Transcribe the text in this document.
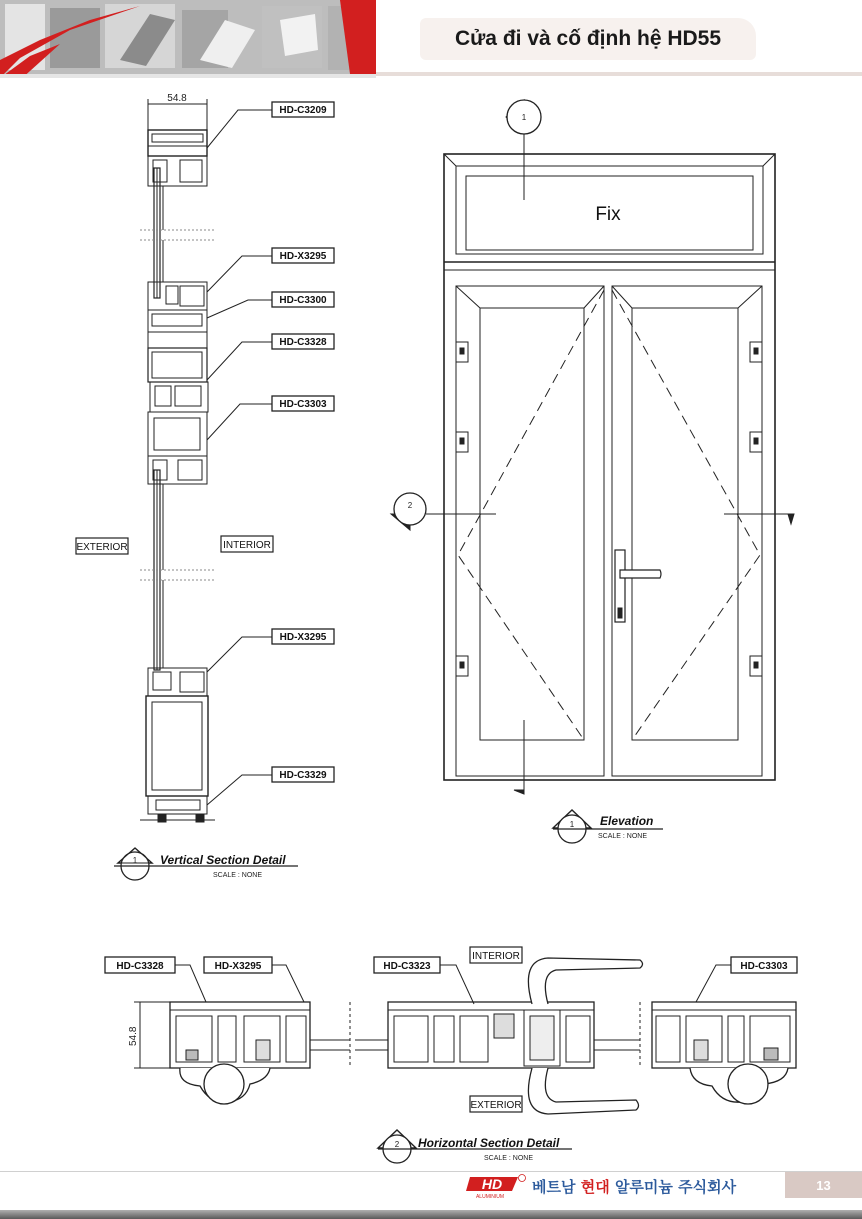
Cửa đi và cố định hệ HD55
54.8
54.8
HD-C3209
HD-X3295
HD-C3300
HD-C3328
HD-C3303
HD-X3295
HD-C3329
EXTERIOR	INTERIOR
1 Vertical Section Detail
SCALE : NONE
Fix
1
2
1 Elevation
SCALE : NONE
HD-C3328	HD-X3295	HD-C3323	HD-C3303
INTERIOR
EXTERIOR
2 Horizontal Section Detail
SCALE : NONE
HD
ALUMINIUM
베트남 현대 알루미늄 주식회사	13
